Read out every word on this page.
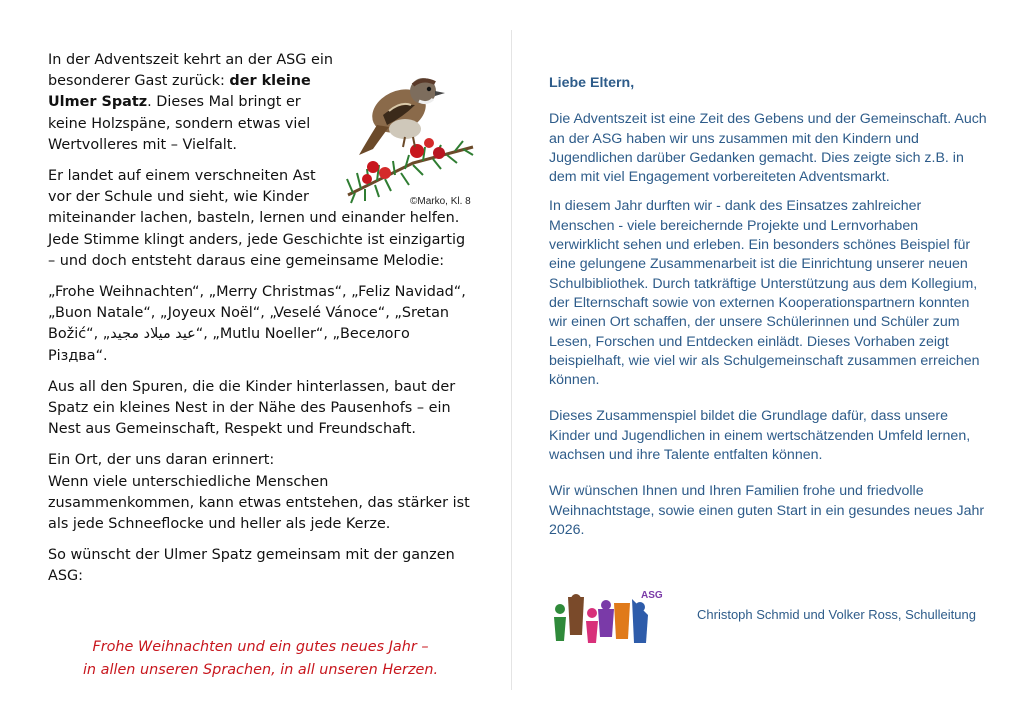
In der Adventszeit kehrt an der ASG ein besonderer Gast zurück: der kleine Ulmer Spatz. Dieses Mal bringt er keine Holzspäne, sondern etwas viel Wertvolleres mit – Vielfalt.

Er landet auf einem verschneiten Ast vor der Schule und sieht, wie Kinder

miteinander lachen, basteln, lernen und einander helfen. Jede Stimme klingt anders, jede Geschichte ist einzigartig – und doch entsteht daraus eine gemeinsame Melodie:

„Frohe Weihnachten“, „Merry Christmas“, „Feliz Navidad“, „Buon Natale“, „Joyeux Noël“, „Veselé Vánoce“, „Sretan Božić“, „عيد ميلاد مجيد“, „Mutlu Noeller“, „Веселого Різдва“.

Aus all den Spuren, die die Kinder hinterlassen, baut der Spatz ein kleines Nest in der Nähe des Pausenhofs – ein Nest aus Gemeinschaft, Respekt und Freundschaft.

Ein Ort, der uns daran erinnert:
Wenn viele unterschiedliche Menschen zusammenkommen, kann etwas entstehen, das stärker ist als jede Schneeflocke und heller als jede Kerze.

So wünscht der Ulmer Spatz gemeinsam mit der ganzen ASG:

©Marko, Kl. 8
Frohe Weihnachten und ein gutes neues Jahr –
in allen unseren Sprachen, in all unseren Herzen.

Liebe Eltern,

Die Adventszeit ist eine Zeit des Gebens und der Gemeinschaft. Auch an der ASG haben wir uns zusammen mit den Kindern und Jugendlichen darüber Gedanken gemacht. Dies zeigte sich z.B. in dem mit viel Engagement vorbereiteten Adventsmarkt.

In diesem Jahr durften wir - dank des Einsatzes zahlreicher Menschen - viele bereichernde Projekte und Lernvorhaben verwirklicht sehen und erleben. Ein besonders schönes Beispiel für eine gelungene Zusammenarbeit ist die Einrichtung unserer neuen Schulbibliothek. Durch tatkräftige Unterstützung aus dem Kollegium, der Elternschaft sowie von externen Kooperationspartnern konnten wir einen Ort schaffen, der unsere Schülerinnen und Schüler zum Lesen, Forschen und Entdecken einlädt. Dieses Vorhaben zeigt beispielhaft, wie viel wir als Schulgemeinschaft zusammen erreichen können.

Dieses Zusammenspiel bildet die Grundlage dafür, dass unsere Kinder und Jugendlichen in einem wertschätzenden Umfeld lernen, wachsen und ihre Talente entfalten können.

Wir wünschen Ihnen und Ihren Familien frohe und friedvolle Weihnachtstage, sowie einen guten Start in ein gesundes neues Jahr 2026.

ASG
Christoph Schmid und Volker Ross, Schulleitung
